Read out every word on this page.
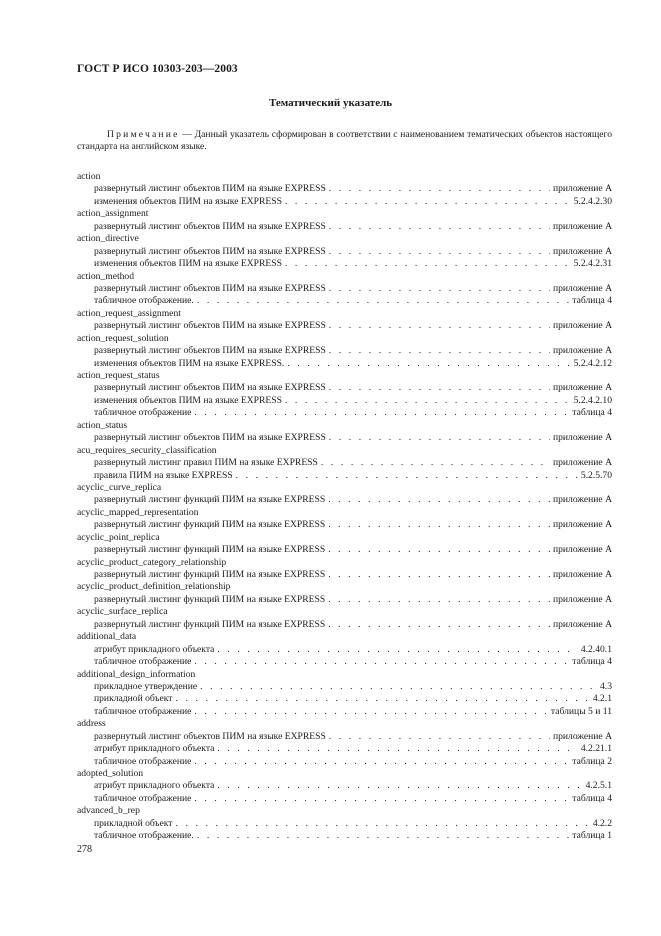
ГОСТ Р ИСО 10303-203—2003
Тематический указатель
Примечание — Данный указатель сформирован в соответствии с наименованием тематических объектов настоящего стандарта на английском языке.
action
развернутый листинг объектов ПИМ на языке EXPRESS . . .	приложение A
изменения объектов ПИМ на языке EXPRESS . . .	5.2.4.2.30
action_assignment
развернутый листинг объектов ПИМ на языке EXPRESS . . .	приложение A
action_directive
развернутый листинг объектов ПИМ на языке EXPRESS . . .	приложение A
изменения объектов ПИМ на языке EXPRESS . . .	5.2.4.2.31
action_method
развернутый листинг объектов ПИМ на языке EXPRESS . . .	приложение A
табличное отображение. . . .	таблица 4
action_request_assignment
развернутый листинг объектов ПИМ на языке EXPRESS . . .	приложение A
action_request_solution
развернутый листинг объектов ПИМ на языке EXPRESS . . .	приложение A
изменения объектов ПИМ на языке EXPRESS. . . .	5.2.4.2.12
action_request_status
развернутый листинг объектов ПИМ на языке EXPRESS . . .	приложение A
изменения объектов ПИМ на языке EXPRESS . . .	5.2.4.2.10
табличное отображение . . .	таблица 4
action_status
развернутый листинг объектов ПИМ на языке EXPRESS . . .	приложение A
acu_requires_security_classification
развернутый листинг правил ПИМ на языке EXPRESS . . .	приложение A
правила ПИМ на языке EXPRESS . . .	5.2.5.70
acyclic_curve_replica
развернутый листинг функций ПИМ на языке EXPRESS . . .	приложение A
acyclic_mapped_representation
развернутый листинг функций ПИМ на языке EXPRESS . . .	приложение A
acyclic_point_replica
развернутый листинг функций ПИМ на языке EXPRESS . . .	приложение A
acyclic_product_category_relationship
развернутый листинг функций ПИМ на языке EXPRESS . . .	приложение A
acyclic_product_definition_relationship
развернутый листинг функций ПИМ на языке EXPRESS . . .	приложение A
acyclic_surface_replica
развернутый листинг функций ПИМ на языке EXPRESS . . .	приложение A
additional_data
атрибут прикладного объекта . . .	4.2.40.1
табличное отображение . . .	таблица 4
additional_design_information
прикладное утверждение . . .	4.3
прикладной объект . . .	4.2.1
табличное отображение . . .	таблицы 5 и 11
address
развернутый листинг объектов ПИМ на языке EXPRESS . . .	приложение A
атрибут прикладного объекта . . .	4.2.21.1
табличное отображение . . .	таблица 2
adopted_solution
атрибут прикладного объекта . . .	4.2.5.1
табличное отображение . . .	таблица 4
advanced_b_rep
прикладной объект . . .	4.2.2
табличное отображение. . . .	таблица 1
278
